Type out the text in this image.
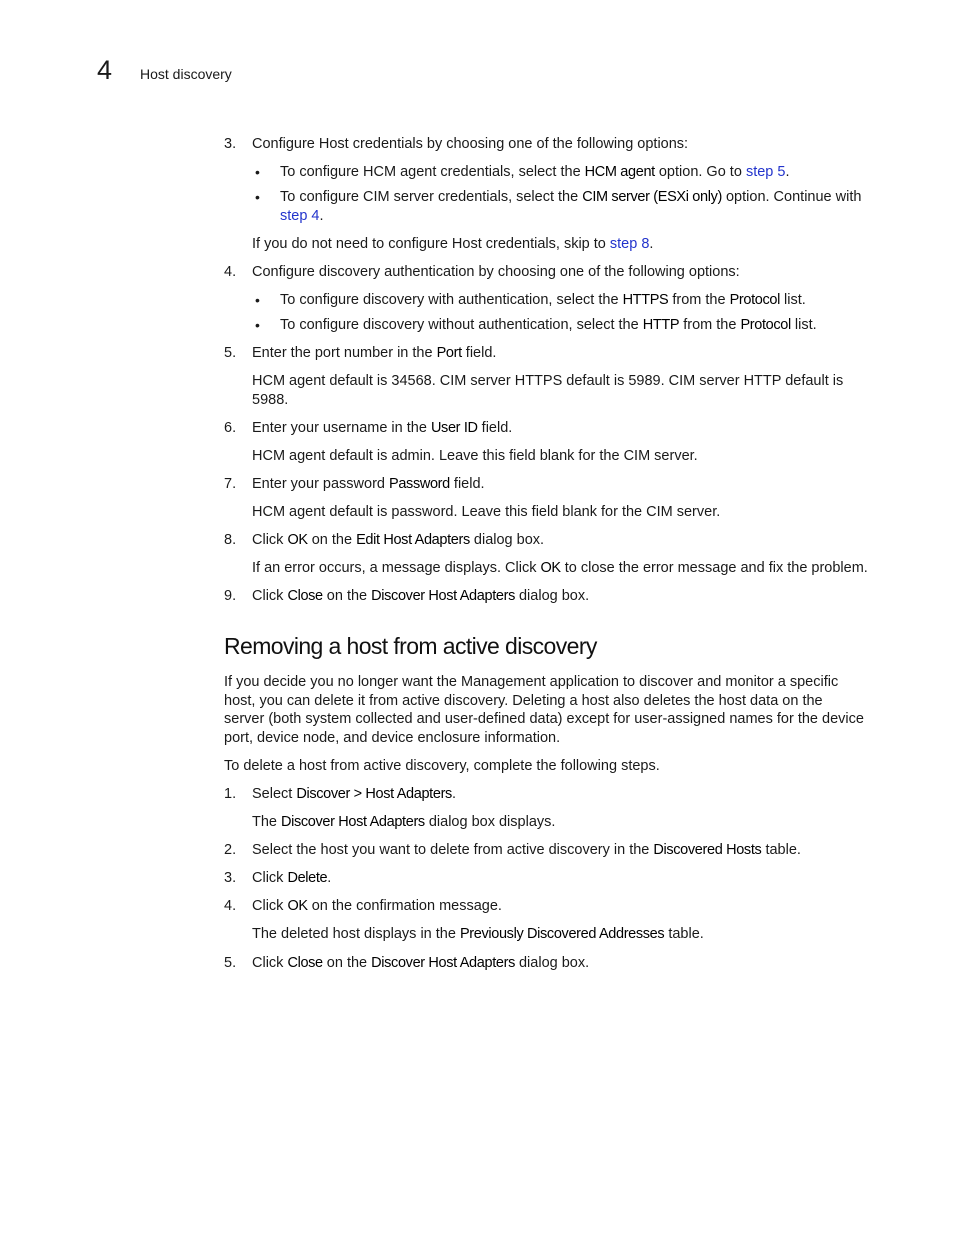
4 Host discovery
3. Configure Host credentials by choosing one of the following options:
• To configure HCM agent credentials, select the HCM agent option. Go to step 5.
• To configure CIM server credentials, select the CIM server (ESXi only) option. Continue with
step 4.
If you do not need to configure Host credentials, skip to step 8.
4. Configure discovery authentication by choosing one of the following options:
• To configure discovery with authentication, select the HTTPS from the Protocol list.
• To configure discovery without authentication, select the HTTP from the Protocol list.
5. Enter the port number in the Port field.
HCM agent default is 34568. CIM server HTTPS default is 5989. CIM server HTTP default is
5988.
6. Enter your username in the User ID field.
HCM agent default is admin. Leave this field blank for the CIM server.
7. Enter your password Password field.
HCM agent default is password. Leave this field blank for the CIM server.
8. Click OK on the Edit Host Adapters dialog box.
If an error occurs, a message displays. Click OK to close the error message and fix the problem.
9. Click Close on the Discover Host Adapters dialog box.
Removing a host from active discovery
If you decide you no longer want the Management application to discover and monitor a specific
host, you can delete it from active discovery. Deleting a host also deletes the host data on the
server (both system collected and user-defined data) except for user-assigned names for the device
port, device node, and device enclosure information.
To delete a host from active discovery, complete the following steps.
1. Select Discover > Host Adapters.
The Discover Host Adapters dialog box displays.
2. Select the host you want to delete from active discovery in the Discovered Hosts table.
3. Click Delete.
4. Click OK on the confirmation message.
The deleted host displays in the Previously Discovered Addresses table.
5. Click Close on the Discover Host Adapters dialog box.
